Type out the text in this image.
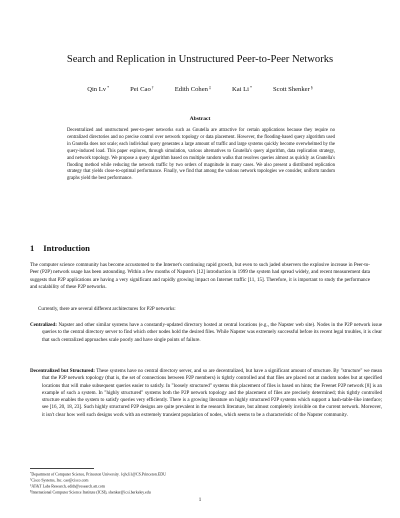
Search and Replication in Unstructured Peer-to-Peer Networks
Qin Lv*	Pei Cao†	Edith Cohen‡	Kai Li*	Scott Shenker§
Abstract

Decentralized and unstructured peer-to-peer networks such as Gnutella are attractive for certain applications because they require no centralized directories and no precise control over network topology or data placement. However, the flooding-based query algorithm used in Gnutella does not scale; each individual query generates a large amount of traffic and large systems quickly become overwhelmed by the query-induced load. This paper explores, through simulation, various alternatives to Gnutella's query algorithm, data replication strategy, and network topology. We propose a query algorithm based on multiple random walks that resolves queries almost as quickly as Gnutella's flooding method while reducing the network traffic by two orders of magnitude in many cases. We also present a distributed replication strategy that yields close-to-optimal performance. Finally, we find that among the various network topologies we consider, uniform random graphs yield the best performance.

1 Introduction

The computer science community has become accustomed to the Internet's continuing rapid growth, but even to such jaded observers the explosive increase in Peer-to-Peer (P2P) network usage has been astounding. Within a few months of Napster's [12] introduction in 1999 the system had spread widely, and recent measurement data suggests that P2P applications are having a very significant and rapidly growing impact on Internet traffic [11, 15]. Therefore, it is important to study the performance and scalability of these P2P networks.

Currently, there are several different architectures for P2P networks:

Centralized: Napster and other similar systems have a constantly-updated directory hosted at central locations (e.g., the Napster web site). Nodes in the P2P network issue queries to the central directory server to find which other nodes hold the desired files. While Napster was extremely successful before its recent legal troubles, it is clear that such centralized approaches scale poorly and have single points of failure.

Decentralized but Structured: These systems have no central directory server, and so are decentralized, but have a significant amount of structure. By "structure" we mean that the P2P network topology (that is, the set of connections between P2P members) is tightly controlled and that files are placed not at random nodes but at specified locations that will make subsequent queries easier to satisfy. In "loosely structured" systems this placement of files is based on hints; the Freenet P2P network [8] is an example of such a system. In "highly structured" systems both the P2P network topology and the placement of files are precisely determined; this tightly controlled structure enables the system to satisfy queries very efficiently. There is a growing literature on highly structured P2P systems which support a hash-table-like interface; see [16, 20, 18, 23]. Such highly structured P2P designs are quite prevalent in the research literature, but almost completely invisible on the current network. Moreover, it isn't clear how well such designs work with an extremely transient population of nodes, which seems to be a characteristic of the Napster community.

*Department of Computer Science, Princeton University. {qlv,li}@CS.Princeton.EDU
†Cisco Systems, Inc. cao@cisco.com
‡AT&T Labs Research, edith@research.att.com
§International Computer Science Institute (ICSI), shenker@icsi.berkeley.edu
1
